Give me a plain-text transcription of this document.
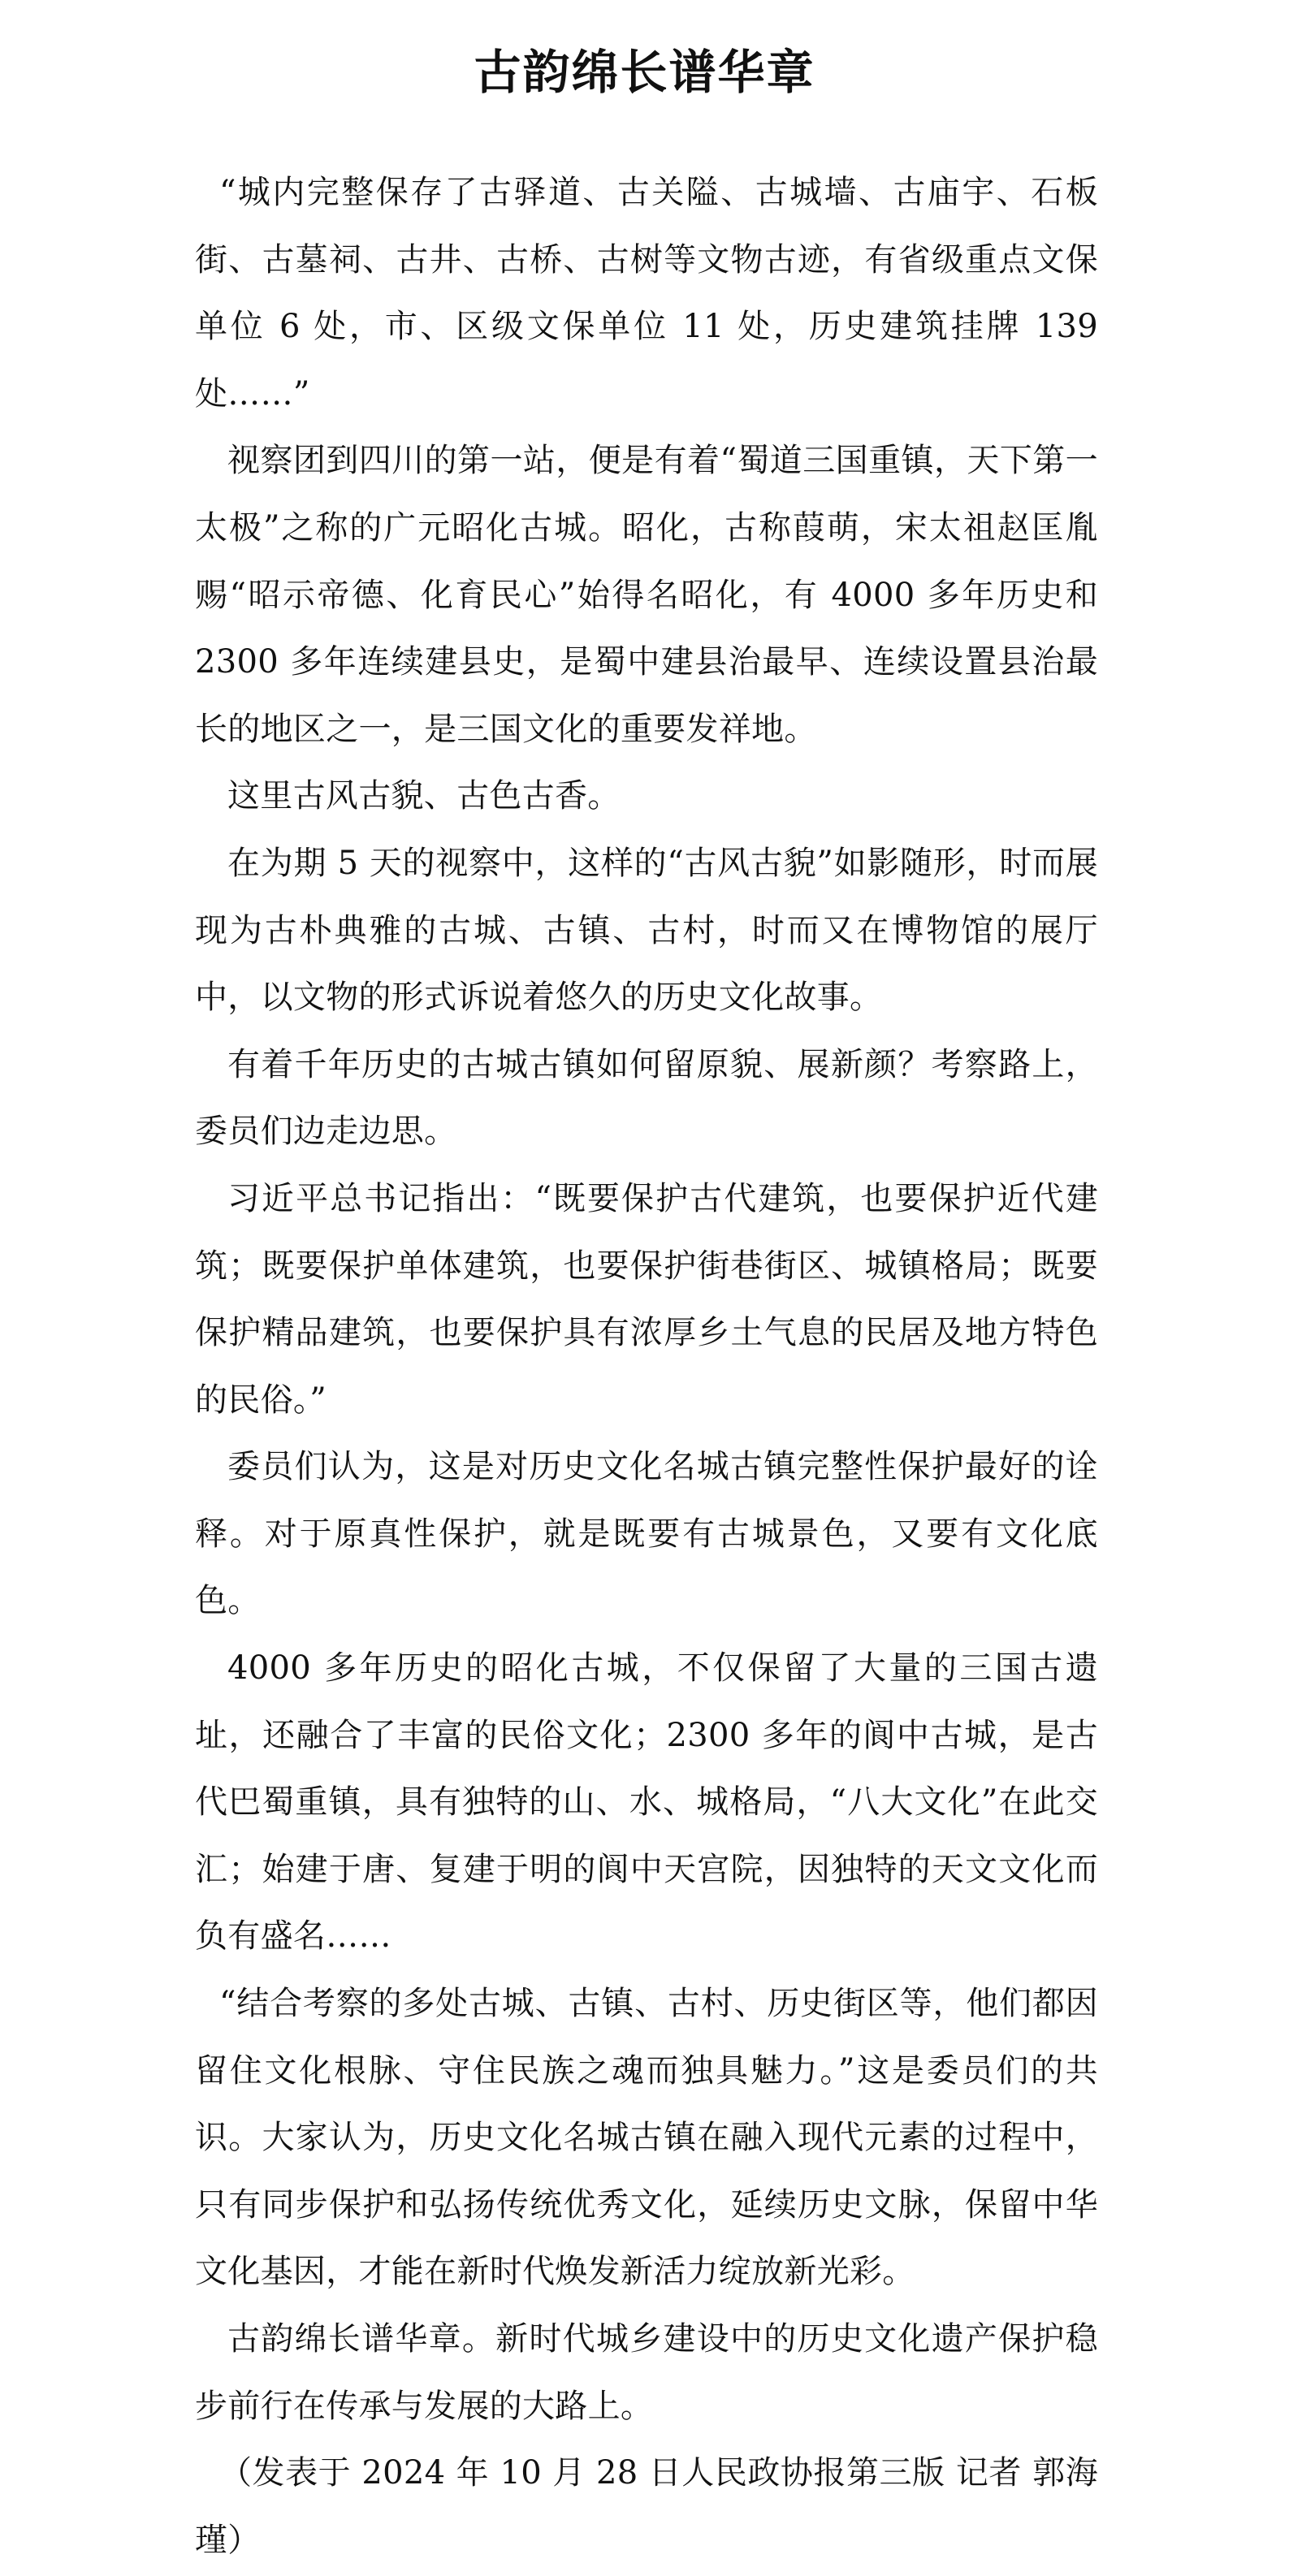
古韵绵长谱华章

“城内完整保存了古驿道、古关隘、古城墙、古庙宇、石板街、古墓祠、古井、古桥、古树等文物古迹，有省级重点文保单位 6 处，市、区级文保单位 11 处，历史建筑挂牌 139 处……”

视察团到四川的第一站，便是有着“蜀道三国重镇，天下第一太极”之称的广元昭化古城。昭化，古称葭萌，宋太祖赵匡胤赐“昭示帝德、化育民心”始得名昭化，有 4000 多年历史和 2300 多年连续建县史，是蜀中建县治最早、连续设置县治最长的地区之一，是三国文化的重要发祥地。

这里古风古貌、古色古香。

在为期 5 天的视察中，这样的“古风古貌”如影随形，时而展现为古朴典雅的古城、古镇、古村，时而又在博物馆的展厅中，以文物的形式诉说着悠久的历史文化故事。

有着千年历史的古城古镇如何留原貌、展新颜？考察路上，委员们边走边思。

习近平总书记指出：“既要保护古代建筑，也要保护近代建筑；既要保护单体建筑，也要保护街巷街区、城镇格局；既要保护精品建筑，也要保护具有浓厚乡土气息的民居及地方特色的民俗。”

委员们认为，这是对历史文化名城古镇完整性保护最好的诠释。对于原真性保护，就是既要有古城景色，又要有文化底色。

4000 多年历史的昭化古城，不仅保留了大量的三国古遗址，还融合了丰富的民俗文化；2300 多年的阆中古城，是古代巴蜀重镇，具有独特的山、水、城格局，“八大文化”在此交汇；始建于唐、复建于明的阆中天宫院，因独特的天文文化而负有盛名……

“结合考察的多处古城、古镇、古村、历史街区等，他们都因留住文化根脉、守住民族之魂而独具魅力。”这是委员们的共识。大家认为，历史文化名城古镇在融入现代元素的过程中，只有同步保护和弘扬传统优秀文化，延续历史文脉，保留中华文化基因，才能在新时代焕发新活力绽放新光彩。

古韵绵长谱华章。新时代城乡建设中的历史文化遗产保护稳步前行在传承与发展的大路上。

（发表于 2024 年 10 月 28 日人民政协报第三版 记者 郭海瑾）
